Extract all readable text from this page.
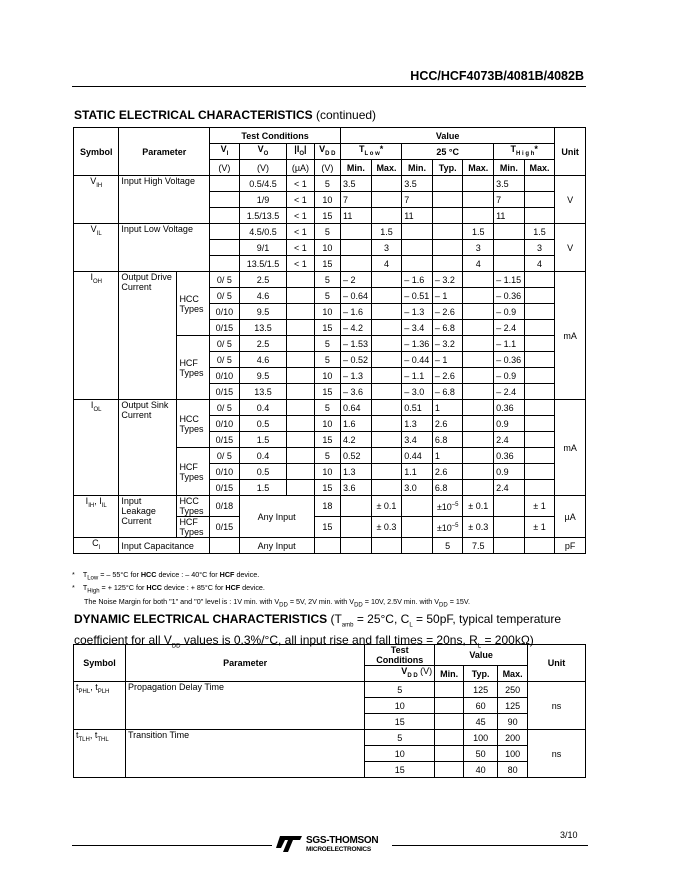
HCC/HCF4073B/4081B/4082B
STATIC ELECTRICAL CHARACTERISTICS (continued)
Symbol	Parameter		Test Conditions				Value							Unit
			$V_I$	$V_O$	$|I_O|$	$V_{D D}$	$T_{L o w}*$		25 °C			$T_{H i g h}*$		
			(V)	(V)	(µA)	(V)	Min.	Max.	Min.	Typ.	Max.	Min.	Max.	
$V_{IH}$	Input High Voltage			0.5/4.5	< 1	5	3.5		3.5			3.5		V
				1/9	< 1	10	7		7			7		
				1.5/13.5	< 1	15	11		11			11		
$V_{IL}$	Input Low Voltage			4.5/0.5	< 1	5		1.5			1.5		1.5	V
				9/1	< 1	10		3			3		3	
				13.5/1.5	< 1	15		4			4		4	
$I_{OH}$	Output Drive Current	HCC Types	0/ 5	2.5		5	– 2		– 1.6	– 3.2		– 1.15		mA
			0/ 5	4.6		5	– 0.64		– 0.51	– 1		– 0.36		
			0/10	9.5		10	– 1.6		– 1.3	– 2.6		– 0.9		
			0/15	13.5		15	– 4.2		– 3.4	– 6.8		– 2.4		
		HCF Types	0/ 5	2.5		5	– 1.53		– 1.36	– 3.2		– 1.1		
			0/ 5	4.6		5	– 0.52		– 0.44	– 1		– 0.36		
			0/10	9.5		10	– 1.3		– 1.1	– 2.6		– 0.9		
			0/15	13.5		15	– 3.6		– 3.0	– 6.8		– 2.4		
$I_{OL}$	Output Sink Current	HCC Types	0/ 5	0.4		5	0.64		0.51	1		0.36		mA
			0/10	0.5		10	1.6		1.3	2.6		0.9		
			0/15	1.5		15	4.2		3.4	6.8		2.4		
		HCF Types	0/ 5	0.4		5	0.52		0.44	1		0.36		
			0/10	0.5		10	1.3		1.1	2.6		0.9		
			0/15	1.5		15	3.6		3.0	6.8		2.4		
$I_{IH}$, $I_{IL}$	Input Leakage Current	HCC Types	0/18	Any Input		18		± 0.1		$\pm 10^{-5}$	± 0.1		± 1	µA
		HCF Types	0/15			15		± 0.3		$\pm 10^{-5}$	± 0.3		± 1	
$C_I$	Input Capacitance			Any Input						5	7.5			pF
* $T_{Low}$ = – 55°C for HCC device : – 40°C for HCF device.
* $T_{High}$ = + 125°C for HCC device : + 85°C for HCF device.
The Noise Margin for both "1" and "0" level is : 1V min. with $V_{DD} = 5V$, 2V min. with $V_{DD} = 10V$, 2.5V min. with $V_{DD} = 15V$.
DYNAMIC ELECTRICAL CHARACTERISTICS ($T_{amb} = 25^\circ C$, $C_L = 50pF$, typical temperature
coefficient for all $V_{DD}$ values is 0.3%/°C, all input rise and fall times = 20ns, $R_L = 200k\Omega$)
Symbol	Parameter	Test Conditions	Value			Unit
		$V_{D D}$ (V)	Min.	Typ.	Max.	
$t_{PHL}$, $t_{PLH}$	Propagation Delay Time	5		125	250	ns
		10		60	125	
		15		45	90	
$t_{TLH}$, $t_{THL}$	Transition Time	5		100	200	ns
		10		50	100	
		15		40	80	
SGS-THOMSON
MICROELECTRONICS
3/10
